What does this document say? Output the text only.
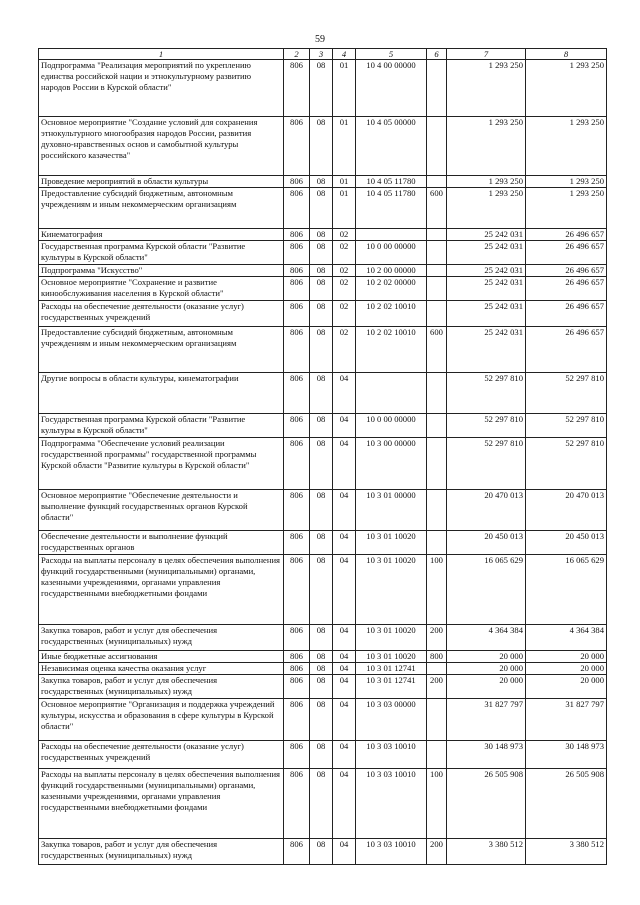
59
1	2	3	4	5	6	7	8
Подпрограмма "Реализация мероприятий по укреплению единства российской нации и этнокультурному развитию народов России в Курской области"	806	08	01	10 4 00 00000		1 293 250	1 293 250
Основное мероприятие "Создание условий для сохранения этнокультурного многообразия народов России, развития духовно-нравственных основ и самобытной культуры российского казачества"	806	08	01	10 4 05 00000		1 293 250	1 293 250
Проведение мероприятий в области культуры	806	08	01	10 4 05 11780		1 293 250	1 293 250
Предоставление субсидий бюджетным, автономным учреждениям и иным некоммерческим организациям	806	08	01	10 4 05 11780	600	1 293 250	1 293 250
Кинематография	806	08	02			25 242 031	26 496 657
Государственная программа Курской области "Развитие культуры в Курской области"	806	08	02	10 0 00 00000		25 242 031	26 496 657
Подпрограмма "Искусство"	806	08	02	10 2 00 00000		25 242 031	26 496 657
Основное мероприятие "Сохранение и развитие кинообслуживания населения в Курской области"	806	08	02	10 2 02 00000		25 242 031	26 496 657
Расходы на обеспечение деятельности (оказание услуг) государственных учреждений	806	08	02	10 2 02 10010		25 242 031	26 496 657
Предоставление субсидий бюджетным, автономным учреждениям и иным некоммерческим организациям	806	08	02	10 2 02 10010	600	25 242 031	26 496 657
Другие вопросы в области культуры, кинематографии	806	08	04			52 297 810	52 297 810
Государственная программа Курской области "Развитие культуры в Курской области"	806	08	04	10 0 00 00000		52 297 810	52 297 810
Подпрограмма "Обеспечение условий реализации государственной программы" государственной программы Курской области "Развитие культуры в Курской области"	806	08	04	10 3 00 00000		52 297 810	52 297 810
Основное мероприятие "Обеспечение деятельности и выполнение функций государственных органов Курской области"	806	08	04	10 3 01 00000		20 470 013	20 470 013
Обеспечение деятельности и выполнение функций государственных органов	806	08	04	10 3 01 10020		20 450 013	20 450 013
Расходы на выплаты персоналу в целях обеспечения выполнения функций государственными (муниципальными) органами, казенными учреждениями, органами управления государственными внебюджетными фондами	806	08	04	10 3 01 10020	100	16 065 629	16 065 629
Закупка товаров, работ и услуг для обеспечения государственных (муниципальных) нужд	806	08	04	10 3 01 10020	200	4 364 384	4 364 384
Иные бюджетные ассигнования	806	08	04	10 3 01 10020	800	20 000	20 000
Независимая оценка качества оказания услуг	806	08	04	10 3 01 12741		20 000	20 000
Закупка товаров, работ и услуг для обеспечения государственных (муниципальных) нужд	806	08	04	10 3 01 12741	200	20 000	20 000
Основное мероприятие "Организация и поддержка учреждений культуры, искусства и образования в сфере культуры в Курской области"	806	08	04	10 3 03 00000		31 827 797	31 827 797
Расходы на обеспечение деятельности (оказание услуг) государственных учреждений	806	08	04	10 3 03 10010		30 148 973	30 148 973
Расходы на выплаты персоналу в целях обеспечения выполнения функций государственными (муниципальными) органами, казенными учреждениями, органами управления государственными внебюджетными фондами	806	08	04	10 3 03 10010	100	26 505 908	26 505 908
Закупка товаров, работ и услуг для обеспечения государственных (муниципальных) нужд	806	08	04	10 3 03 10010	200	3 380 512	3 380 512
